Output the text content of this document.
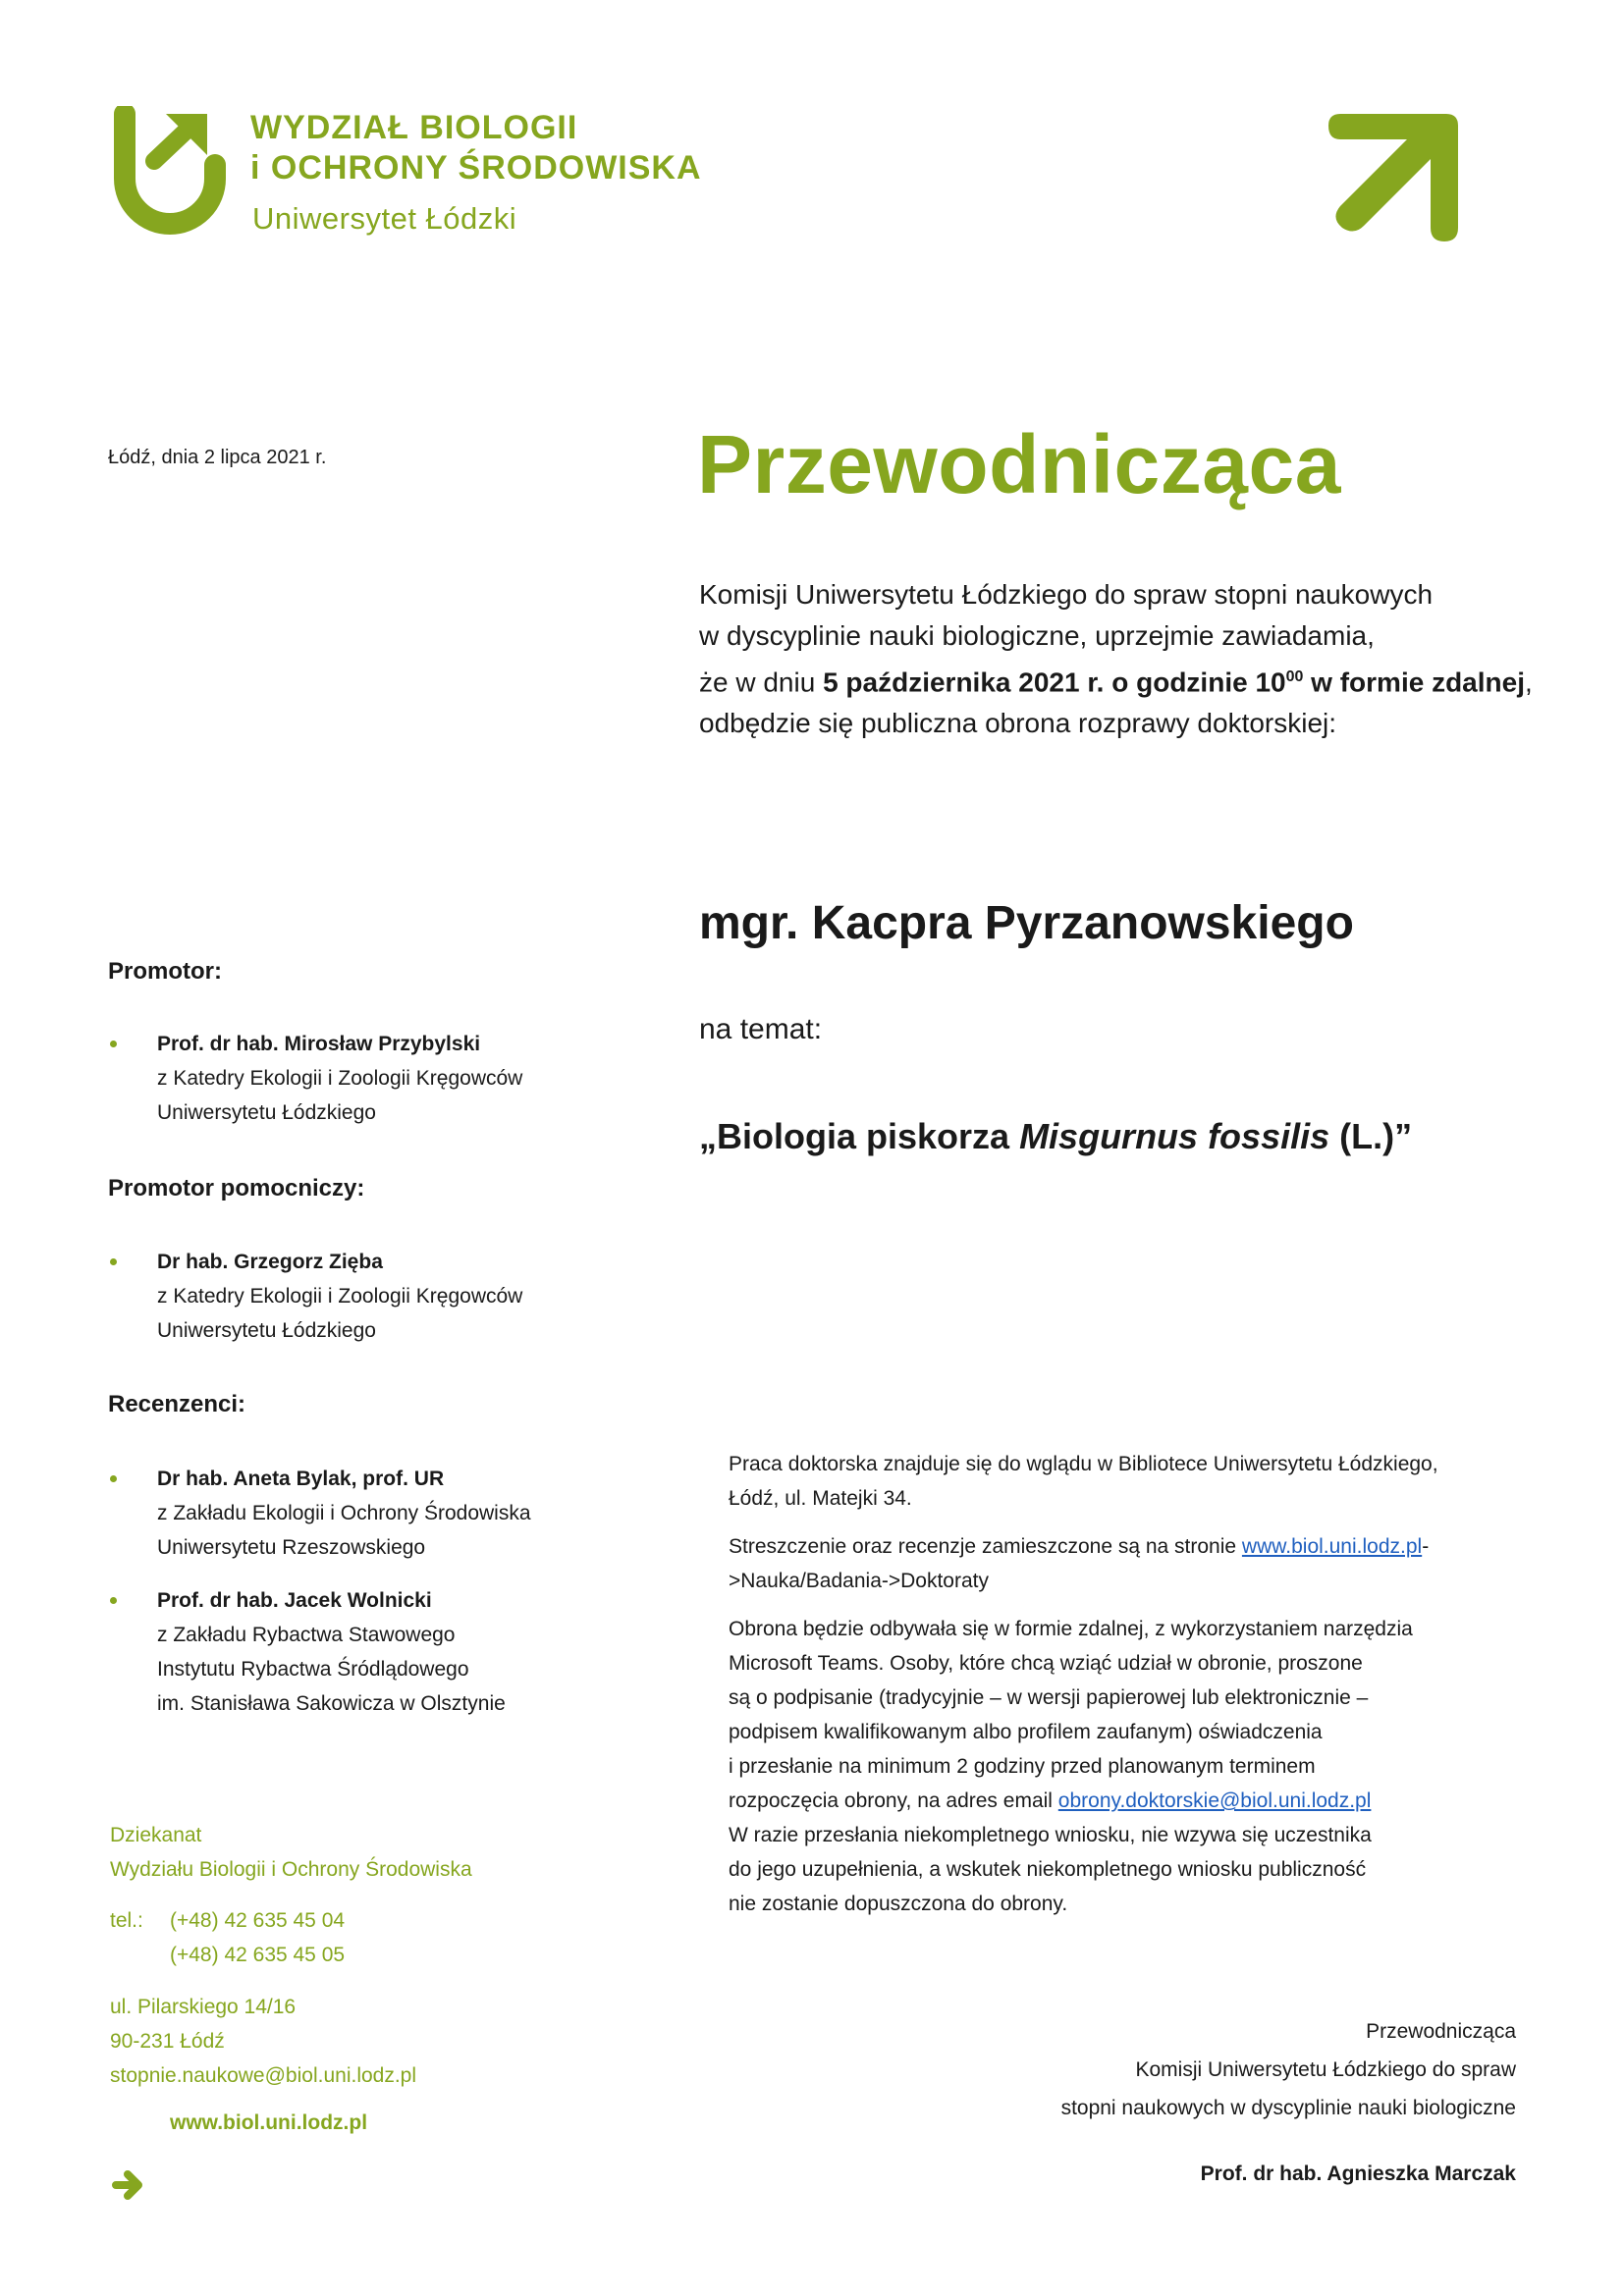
WYDZIAŁ BIOLOGII
i OCHRONY ŚRODOWISKA
Uniwersytet Łódzki
Łódź, dnia 2 lipca 2021 r.	Przewodnicząca
Komisji Uniwersytetu Łódzkiego do spraw stopni naukowych
w dyscyplinie nauki biologiczne, uprzejmie zawiadamia,
że w dniu 5 października 2021 r. o godzinie $10^{00}$ w formie zdalnej,
odbędzie się publiczna obrona rozprawy doktorskiej:
mgr. Kacpra Pyrzanowskiego
na temat:
„Biologia piskorza Misgurnus fossilis (L.)”
Promotor:
Prof. dr hab. Mirosław Przybylski
z Katedry Ekologii i Zoologii Kręgowców
Uniwersytetu Łódzkiego
Promotor pomocniczy:
Dr hab. Grzegorz Zięba
z Katedry Ekologii i Zoologii Kręgowców
Uniwersytetu Łódzkiego
Recenzenci:
Dr hab. Aneta Bylak, prof. UR
z Zakładu Ekologii i Ochrony Środowiska
Uniwersytetu Rzeszowskiego
Prof. dr hab. Jacek Wolnicki
z Zakładu Rybactwa Stawowego
Instytutu Rybactwa Śródlądowego
im. Stanisława Sakowicza w Olsztynie

Praca doktorska znajduje się do wglądu w Bibliotece Uniwersytetu Łódzkiego,
Łódź, ul. Matejki 34.

Streszczenie oraz recenzje zamieszczone są na stronie www.biol.uni.lodz.pl-
>Nauka/Badania->Doktoraty

Obrona będzie odbywała się w formie zdalnej, z wykorzystaniem narzędzia
Microsoft Teams. Osoby, które chcą wziąć udział w obronie, proszone
są o podpisanie (tradycyjnie – w wersji papierowej lub elektronicznie –
podpisem kwalifikowanym albo profilem zaufanym) oświadczenia
i przesłanie na minimum 2 godziny przed planowanym terminem
rozpoczęcia obrony, na adres email obrony.doktorskie@biol.uni.lodz.pl
W razie przesłania niekompletnego wniosku, nie wzywa się uczestnika
do jego uzupełnienia, a wskutek niekompletnego wniosku publiczność
nie zostanie dopuszczona do obrony.

Dziekanat
Wydziału Biologii i Ochrony Środowiska
tel.: (+48) 42 635 45 04
(+48) 42 635 45 05
ul. Pilarskiego 14/16
90-231 Łódź
stopnie.naukowe@biol.uni.lodz.pl
www.biol.uni.lodz.pl
Przewodnicząca
Komisji Uniwersytetu Łódzkiego do spraw
stopni naukowych w dyscyplinie nauki biologiczne
Prof. dr hab. Agnieszka Marczak
